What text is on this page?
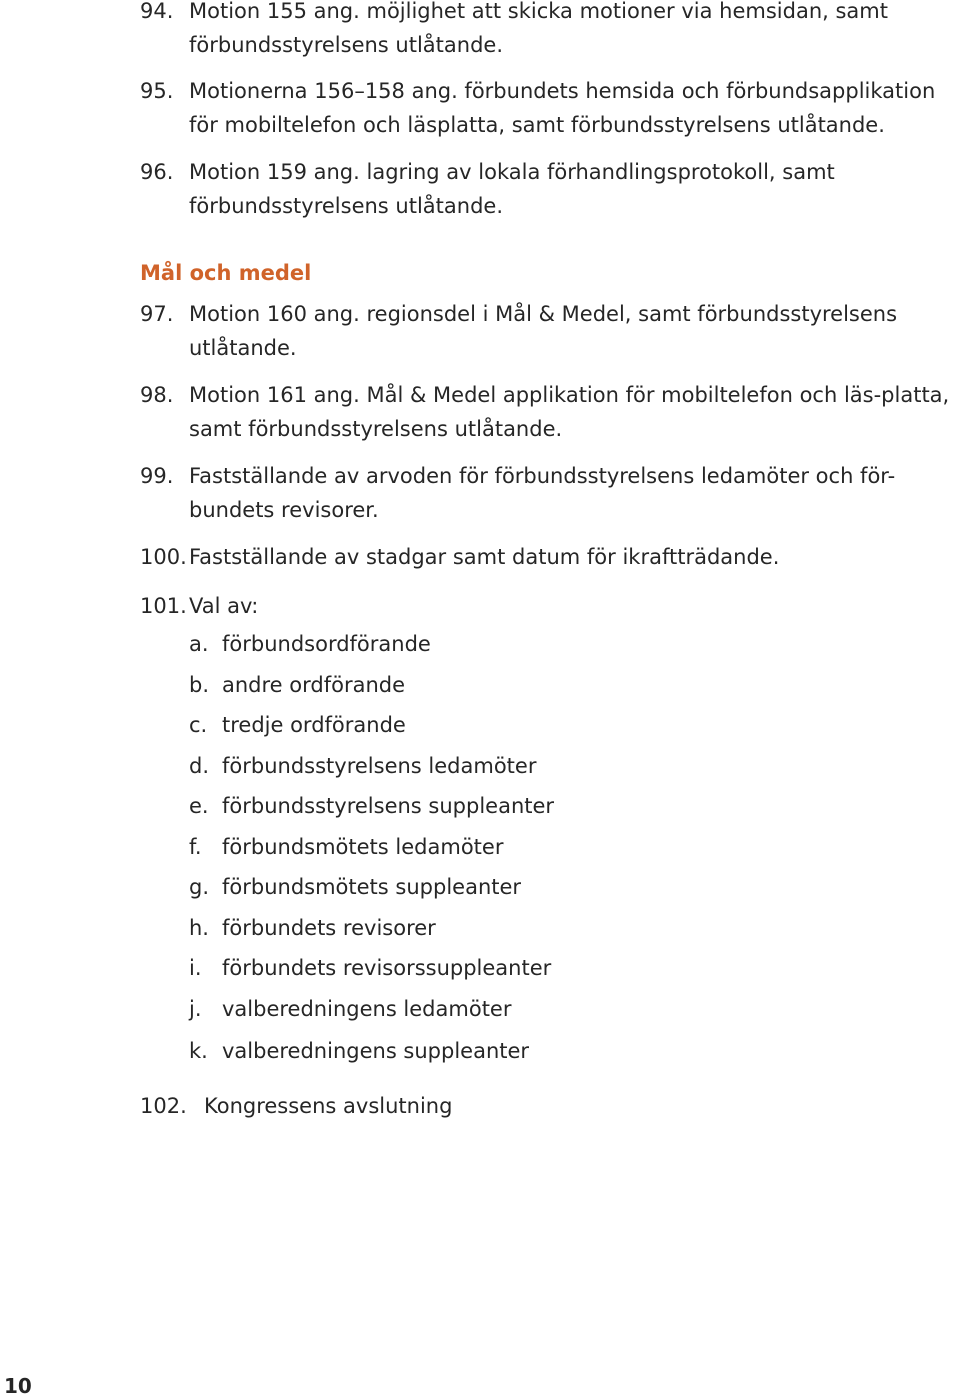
94. Motion 155 ang. möjlighet att skicka motioner via hemsidan, samt förbundsstyrelsens utlåtande.
95. Motionerna 156–158 ang. förbundets hemsida och förbundsapplikation för mobiltelefon och läsplatta, samt förbundsstyrelsens utlåtande.
96. Motion 159 ang. lagring av lokala förhandlingsprotokoll, samt förbundsstyrelsens utlåtande.
Mål och medel
97. Motion 160 ang. regionsdel i Mål & Medel, samt förbundsstyrelsens utlåtande.
98. Motion 161 ang. Mål & Medel applikation för mobiltelefon och läs-platta, samt förbundsstyrelsens utlåtande.
99. Fastställande av arvoden för förbundsstyrelsens ledamöter och för-bundets revisorer.
100. Fastställande av stadgar samt datum för ikraftträdande.
101. Val av:
a. förbundsordförande
b. andre ordförande
c. tredje ordförande
d. förbundsstyrelsens ledamöter
e. förbundsstyrelsens suppleanter
f. förbundsmötets ledamöter
g. förbundsmötets suppleanter
h. förbundets revisorer
i. förbundets revisorssuppleanter
j. valberedningens ledamöter
k. valberedningens suppleanter
102. Kongressens avslutning
10
